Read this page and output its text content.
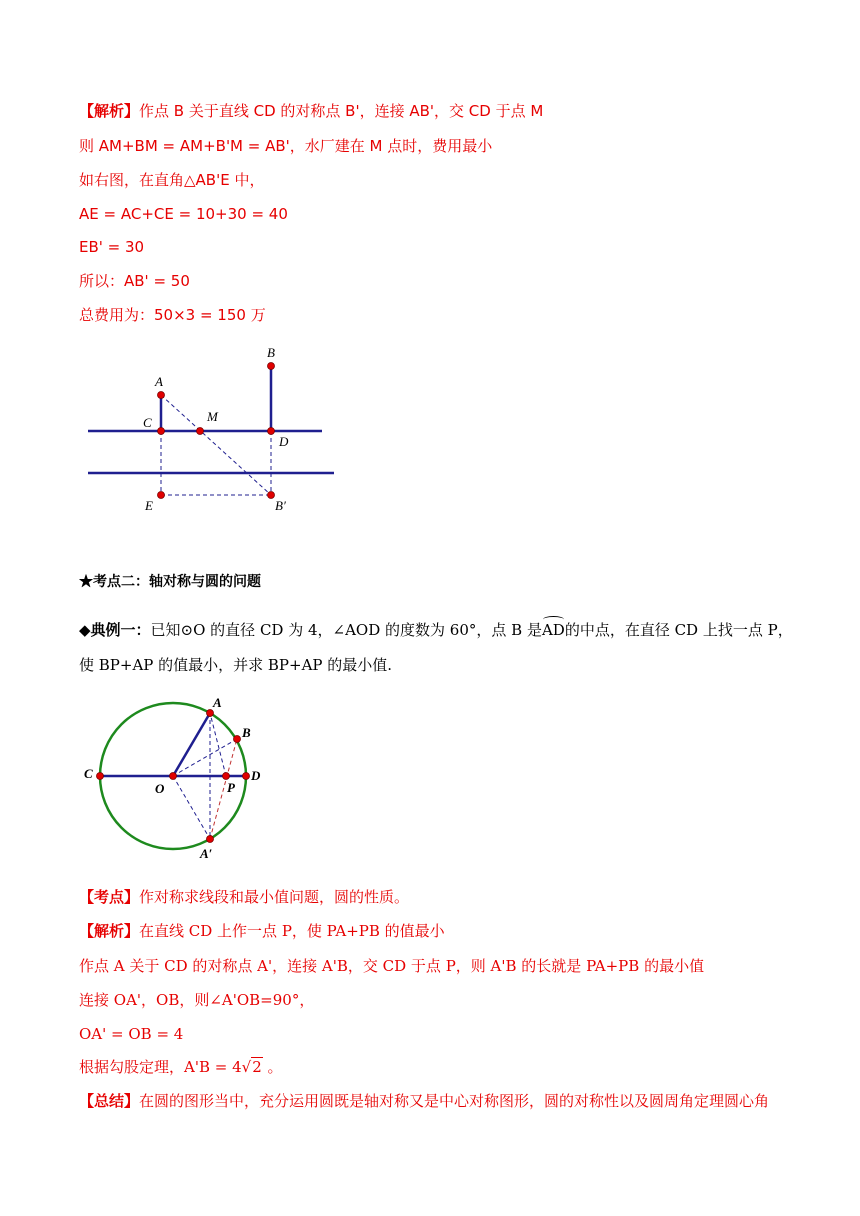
【解析】作点 B 关于直线 CD 的对称点 B'，连接 AB'，交 CD 于点 M
则 AM+BM = AM+B'M = AB'，水厂建在 M 点时，费用最小
如右图，在直角△AB'E 中，
AE = AC+CE = 10+30 = 40
EB' = 30
所以：AB' = 50
总费用为：50×3 = 150 万
A
C	M
B
D
E	B′
★考点二：轴对称与圆的问题
◆典例一：已知⊙O 的直径 CD 为 4，∠AOD 的度数为 60°，点 B 是AD的中点，在直径 CD 上找一点 P，
使 BP+AP 的值最小，并求 BP+AP 的最小值.
A
B
C
O	P
D
A′
【考点】作对称求线段和最小值问题，圆的性质。
【解析】在直线 CD 上作一点 P，使 PA+PB 的值最小
作点 A 关于 CD 的对称点 A'，连接 A'B，交 CD 于点 P，则 A'B 的长就是 PA+PB 的最小值
连接 OA'，OB，则∠A'OB=90°，
OA' = OB = 4
根据勾股定理，A'B = 4√2 。
【总结】在圆的图形当中，充分运用圆既是轴对称又是中心对称图形，圆的对称性以及圆周角定理圆心角
